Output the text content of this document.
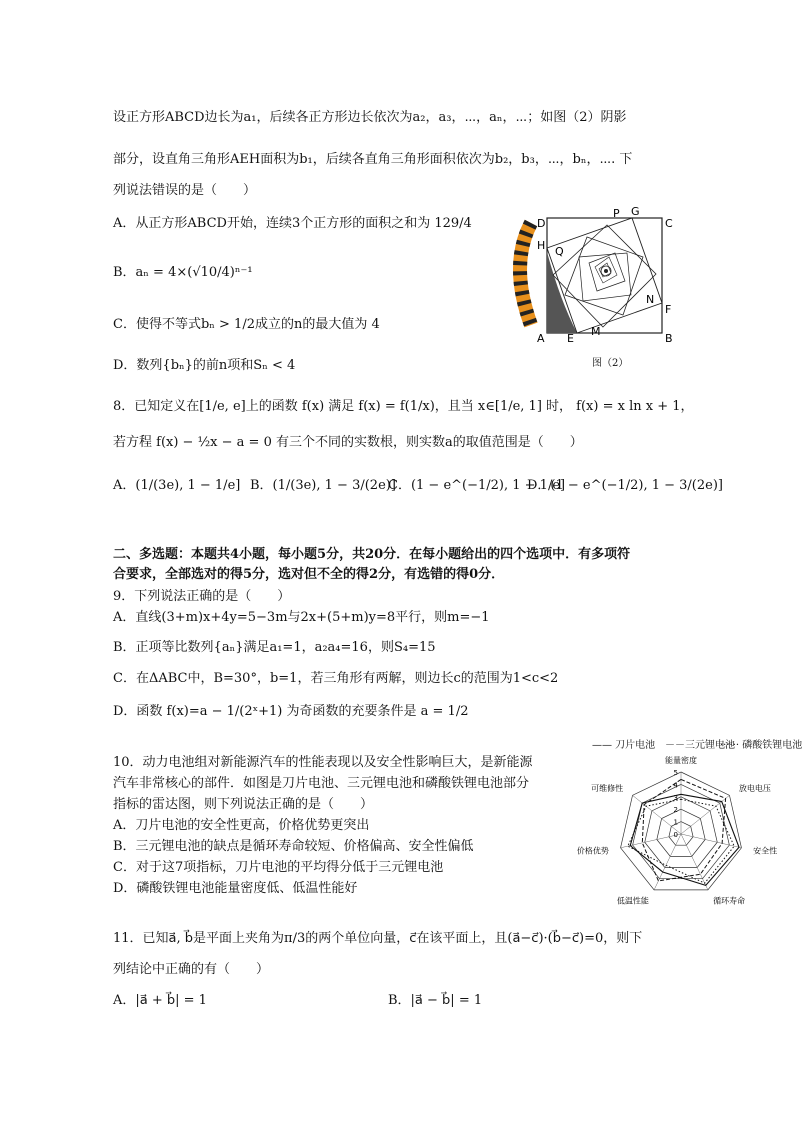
设正方形ABCD边长为a₁，后续各正方形边长依次为a₂，a₃，⋯，aₙ，⋯；如图（2）阴影
部分，设直角三角形AEH面积为b₁，后续各直角三角形面积依次为b₂，b₃，⋯，bₙ，⋯. 下
列说法错误的是（　　）
A．从正方形ABCD开始，连续3个正方形的面积之和为 129/4
B．aₙ = 4×(√10/4)ⁿ⁻¹
C．使得不等式bₙ > 1/2成立的n的最大值为 4
D．数列{bₙ}的前n项和Sₙ < 4
D
P G
C
H Q
N
F
A E
M
B
图（2）
8．已知定义在[1/e, e]上的函数 f(x) 满足 f(x) = f(1/x)，且当 x∈[1/e, 1] 时， f(x) = x ln x + 1，
若方程 f(x) − ½x − a = 0 有三个不同的实数根，则实数a的取值范围是（　　）
A．(1/(3e), 1 − 1/e] B．(1/(3e), 1 − 3/(2e)]
C．(1 − e^(−1/2), 1 − 1/e]
D．(1 − e^(−1/2), 1 − 3/(2e)]
二、多选题：本题共4小题，每小题5分，共20分．在每小题给出的四个选项中．有多项符
合要求，全部选对的得5分，选对但不全的得2分，有选错的得0分．
9．下列说法正确的是（　　）
A．直线(3+m)x+4y=5−3m与2x+(5+m)y=8平行，则m=−1
B．正项等比数列{aₙ}满足a₁=1，a₂a₄=16，则S₄=15
C．在ΔABC中，B=30°，b=1，若三角形有两解，则边长c的范围为1<c<2
D．函数 f(x)=a − 1/(2ˣ+1) 为奇函数的充要条件是 a = 1/2
10．动力电池组对新能源汽车的性能表现以及安全性影响巨大，是新能源
汽车非常核心的部件．如图是刀片电池、三元锂电池和磷酸铁锂电池部分
指标的雷达图，则下列说法正确的是（　　）
A．刀片电池的安全性更高，价格优势更突出
B．三元锂电池的缺点是循环寿命较短、价格偏高、安全性偏低
C．对于这7项指标，刀片电池的平均得分低于三元锂电池
D．磷酸铁锂电池能量密度低、低温性能好
—— 刀片电池 －－三元锂电池
······ 磷酸铁锂电池
能量密度
放电电压
安全性
循环寿命
低温性能
价格优势
可维修性
5
4
3
2
1
0
11．已知a⃗, b⃗是平面上夹角为π/3的两个单位向量，c⃗在该平面上，且(a⃗−c⃗)·(b⃗−c⃗)=0，则下
列结论中正确的有（　　）
A．|a⃗ + b⃗| = 1	B．|a⃗ − b⃗| = 1
